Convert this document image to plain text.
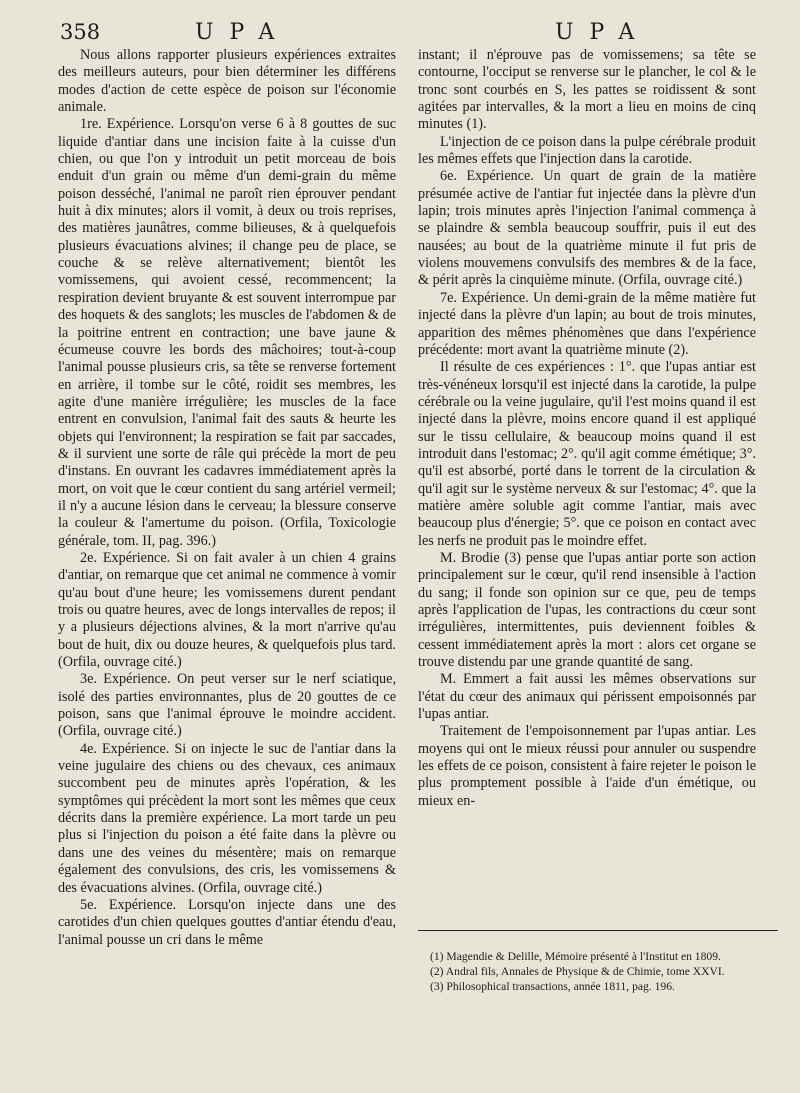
358	UPA	UPA

Nous allons rapporter plusieurs expériences extraites des meilleurs auteurs, pour bien déterminer les différens modes d'action de cette espèce de poison sur l'économie animale.

1re. Expérience. Lorsqu'on verse 6 à 8 gouttes de suc liquide d'antiar dans une incision faite à la cuisse d'un chien, ou que l'on y introduit un petit morceau de bois enduit d'un grain ou même d'un demi-grain du même poison desséché, l'animal ne paroît rien éprouver pendant huit à dix minutes; alors il vomit, à deux ou trois reprises, des matières jaunâtres, comme bilieuses, & à quelquefois plusieurs évacuations alvines; il change peu de place, se couche & se relève alternativement; bientôt les vomissemens, qui avoient cessé, recommencent; la respiration devient bruyante & est souvent interrompue par des hoquets & des sanglots; les muscles de l'abdomen & de la poitrine entrent en contraction; une bave jaune & écumeuse couvre les bords des mâchoires; tout-à-coup l'animal pousse plusieurs cris, sa tête se renverse fortement en arrière, il tombe sur le côté, roidit ses membres, les agite d'une manière irrégulière; les muscles de la face entrent en convulsion, l'animal fait des sauts & heurte les objets qui l'environnent; la respiration se fait par saccades, & il survient une sorte de râle qui précède la mort de peu d'instans. En ouvrant les cadavres immédiatement après la mort, on voit que le cœur contient du sang artériel vermeil; il n'y a aucune lésion dans le cerveau; la blessure conserve la couleur & l'amertume du poison. (Orfila, Toxicologie générale, tom. II, pag. 396.)

2e. Expérience. Si on fait avaler à un chien 4 grains d'antiar, on remarque que cet animal ne commence à vomir qu'au bout d'une heure; les vomissemens durent pendant trois ou quatre heures, avec de longs intervalles de repos; il y a plusieurs déjections alvines, & la mort n'arrive qu'au bout de huit, dix ou douze heures, & quelquefois plus tard. (Orfila, ouvrage cité.)

3e. Expérience. On peut verser sur le nerf sciatique, isolé des parties environnantes, plus de 20 gouttes de ce poison, sans que l'animal éprouve le moindre accident. (Orfila, ouvrage cité.)

4e. Expérience. Si on injecte le suc de l'antiar dans la veine jugulaire des chiens ou des chevaux, ces animaux succombent peu de minutes après l'opération, & les symptômes qui précèdent la mort sont les mêmes que ceux décrits dans la première expérience. La mort tarde un peu plus si l'injection du poison a été faite dans la plèvre ou dans une des veines du mésentère; mais on remarque également des convulsions, des cris, les vomissemens & des évacuations alvines. (Orfila, ouvrage cité.)

5e. Expérience. Lorsqu'on injecte dans une des carotides d'un chien quelques gouttes d'antiar étendu d'eau, l'animal pousse un cri dans le même

instant; il n'éprouve pas de vomissemens; sa tête se contourne, l'occiput se renverse sur le plancher, le col & le tronc sont courbés en S, les pattes se roidissent & sont agitées par intervalles, & la mort a lieu en moins de cinq minutes (1).

L'injection de ce poison dans la pulpe cérébrale produit les mêmes effets que l'injection dans la carotide.

6e. Expérience. Un quart de grain de la matière présumée active de l'antiar fut injectée dans la plèvre d'un lapin; trois minutes après l'injection l'animal commença à se plaindre & sembla beaucoup souffrir, puis il eut des nausées; au bout de la quatrième minute il fut pris de violens mouvemens convulsifs des membres & de la face, & périt après la cinquième minute. (Orfila, ouvrage cité.)

7e. Expérience. Un demi-grain de la même matière fut injecté dans la plèvre d'un lapin; au bout de trois minutes, apparition des mêmes phénomènes que dans l'expérience précédente: mort avant la quatrième minute (2).

Il résulte de ces expériences : 1°. que l'upas antiar est très-vénéneux lorsqu'il est injecté dans la carotide, la pulpe cérébrale ou la veine jugulaire, qu'il l'est moins quand il est injecté dans la plèvre, moins encore quand il est appliqué sur le tissu cellulaire, & beaucoup moins quand il est introduit dans l'estomac; 2°. qu'il agit comme émétique; 3°. qu'il est absorbé, porté dans le torrent de la circulation & qu'il agit sur le système nerveux & sur l'estomac; 4°. que la matière amère soluble agit comme l'antiar, mais avec beaucoup plus d'énergie; 5°. que ce poison en contact avec les nerfs ne produit pas le moindre effet.

M. Brodie (3) pense que l'upas antiar porte son action principalement sur le cœur, qu'il rend insensible à l'action du sang; il fonde son opinion sur ce que, peu de temps après l'application de l'upas, les contractions du cœur sont irrégulières, intermittentes, puis deviennent foibles & cessent immédiatement après la mort : alors cet organe se trouve distendu par une grande quantité de sang.

M. Emmert a fait aussi les mêmes observations sur l'état du cœur des animaux qui périssent empoisonnés par l'upas antiar.

Traitement de l'empoisonnement par l'upas antiar. Les moyens qui ont le mieux réussi pour annuler ou suspendre les effets de ce poison, consistent à faire rejeter le poison le plus promptement possible à l'aide d'un émétique, ou mieux en-

(1) Magendie & Delille, Mémoire présenté à l'Institut en 1809.

(2) Andral fils, Annales de Physique & de Chimie, tome XXVI.

(3) Philosophical transactions, année 1811, pag. 196.
